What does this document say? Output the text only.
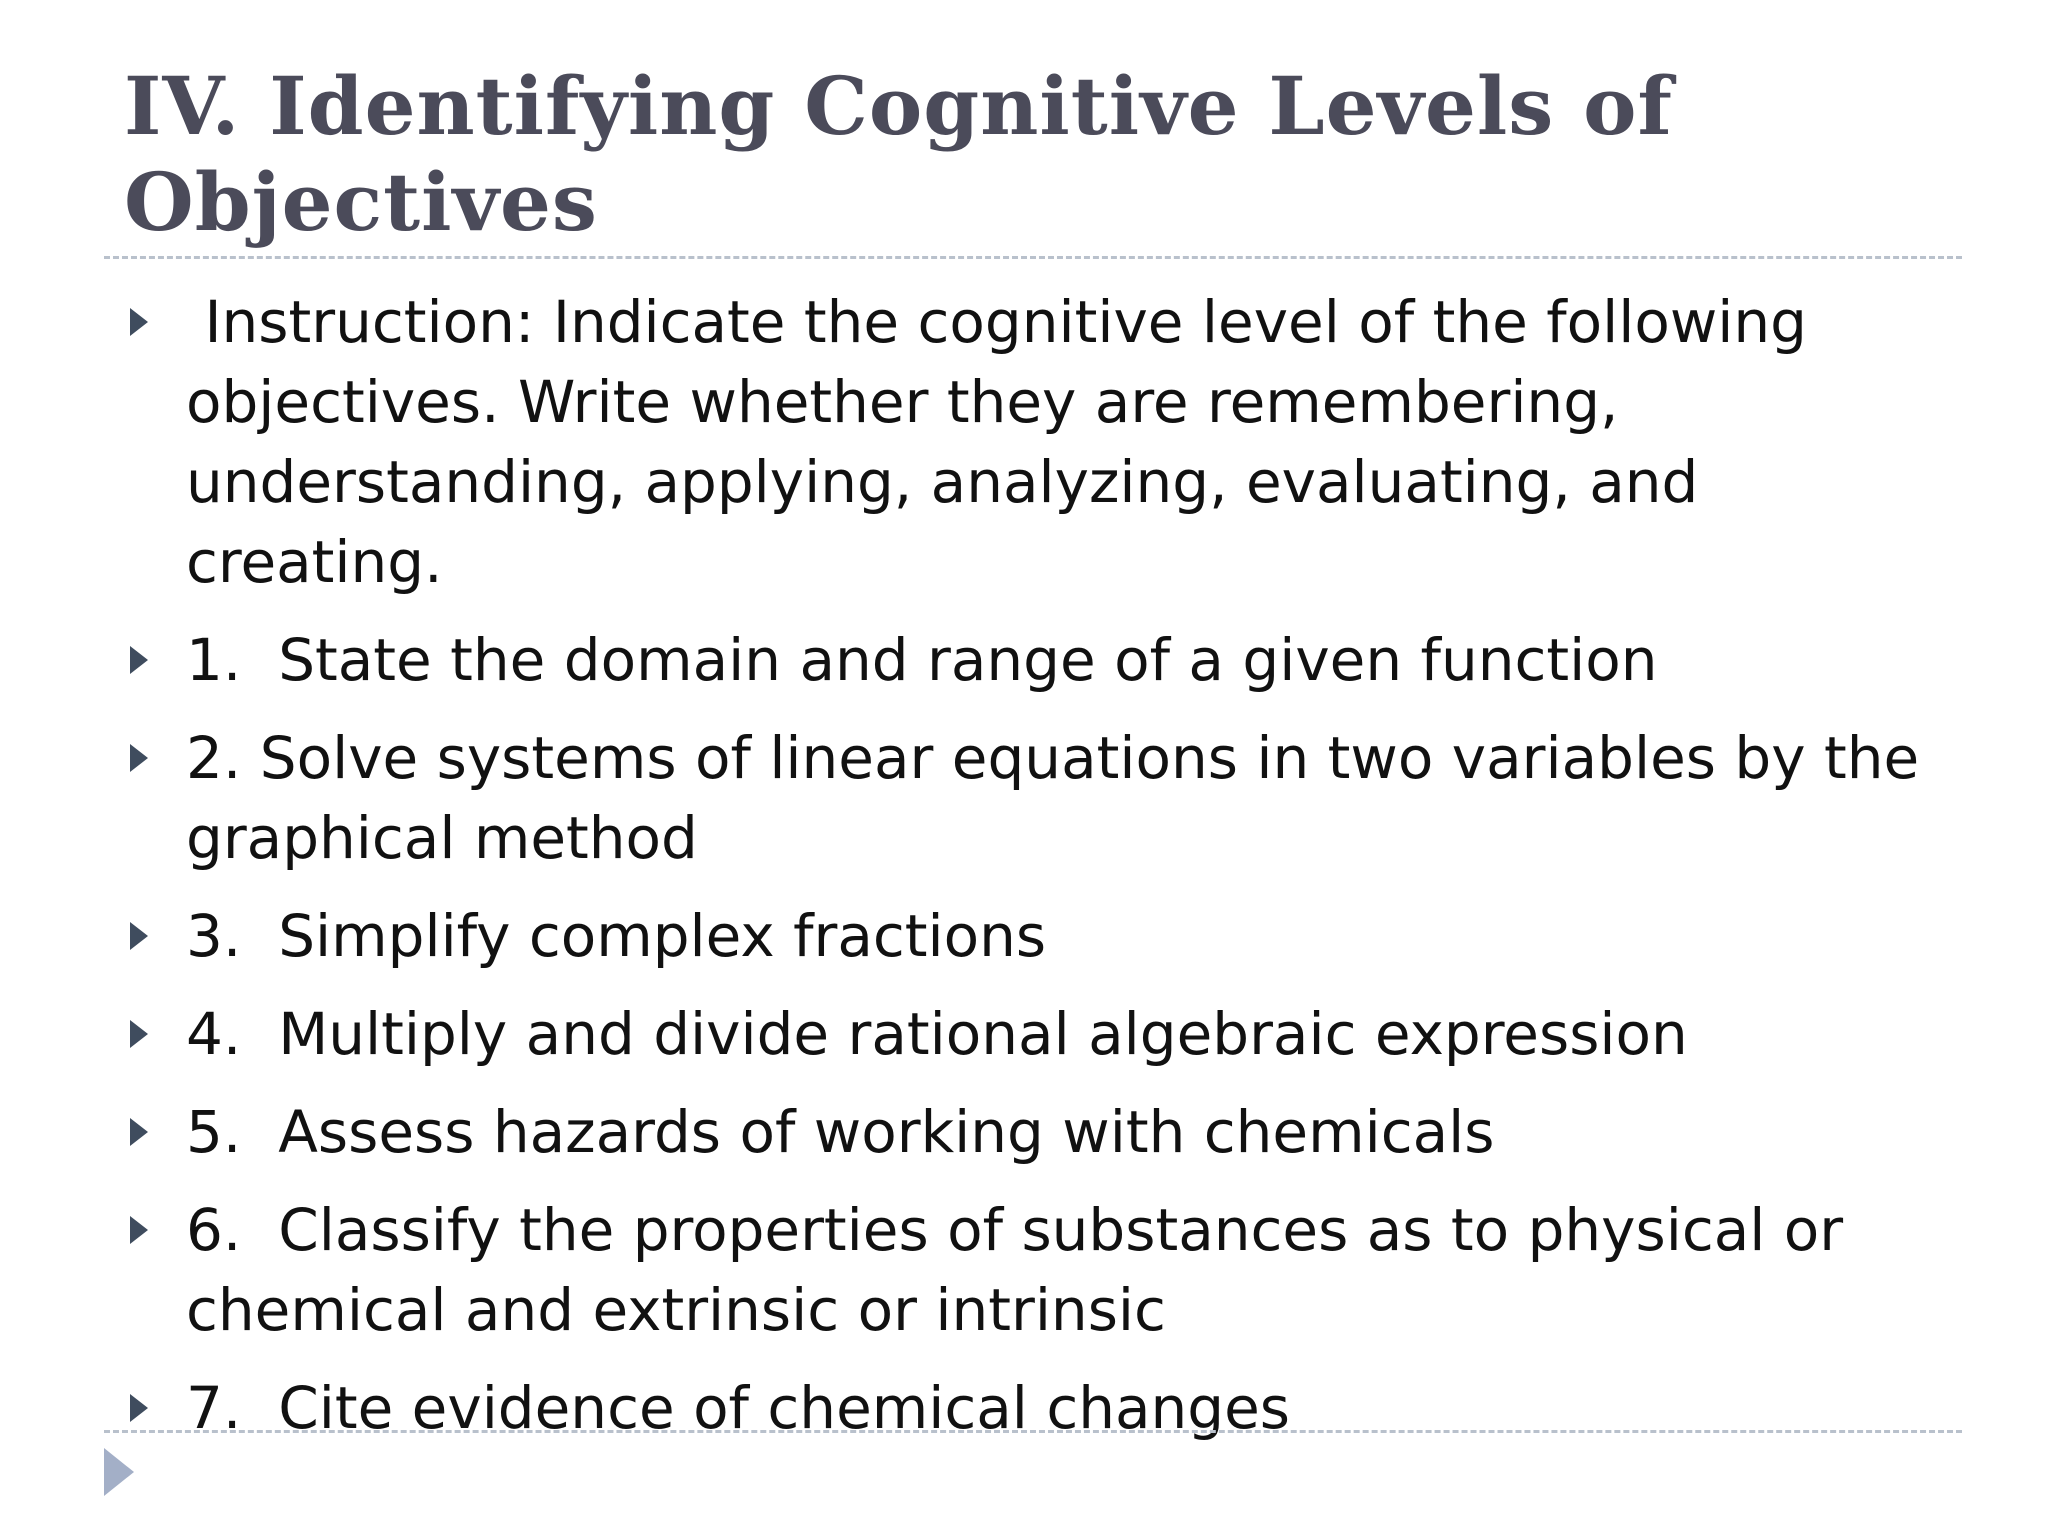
IV. Identifying Cognitive Levels of Objectives
Instruction: Indicate the cognitive level of the following objectives. Write whether they are remembering, understanding, applying, analyzing, evaluating, and creating.
1.  State the domain and range of a given function
2. Solve systems of linear equations in two variables by the graphical method
3.  Simplify complex fractions
4.  Multiply and divide rational algebraic expression
5.  Assess hazards of working with chemicals
6.  Classify the properties of substances as to physical or chemical and extrinsic or intrinsic
7.  Cite evidence of chemical changes
